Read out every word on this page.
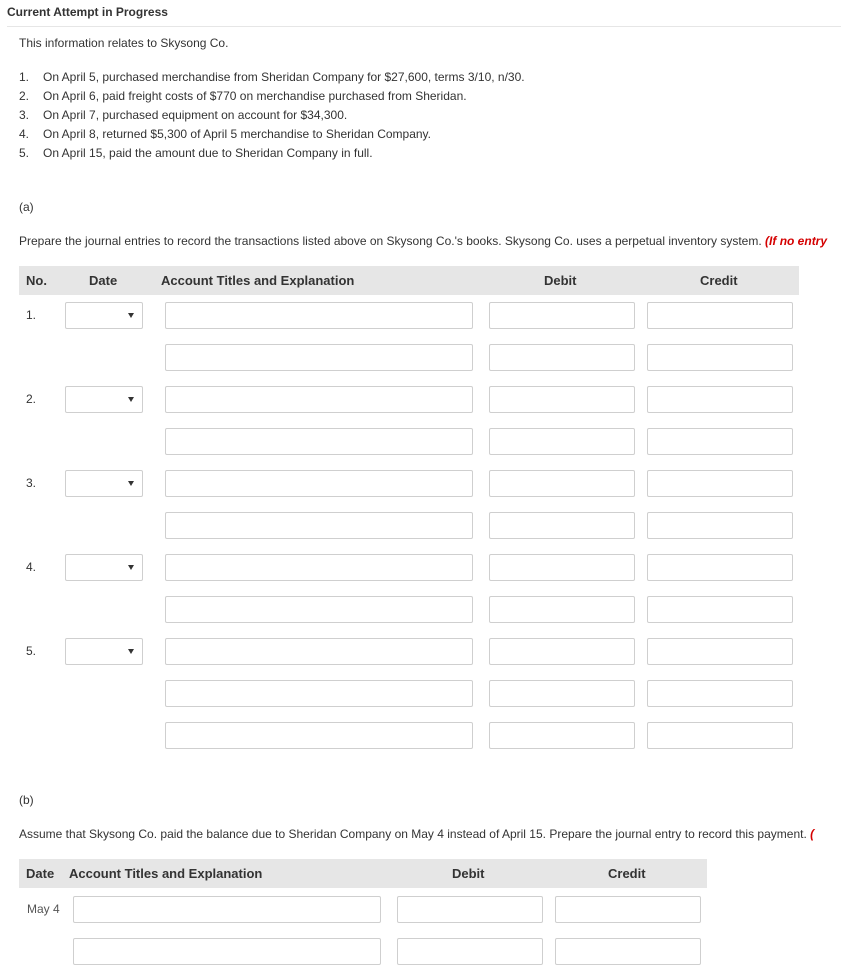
Current Attempt in Progress
This information relates to Skysong Co.
1.	On April 5, purchased merchandise from Sheridan Company for $27,600, terms 3/10, n/30.
2.	On April 6, paid freight costs of $770 on merchandise purchased from Sheridan.
3.	On April 7, purchased equipment on account for $34,300.
4.	On April 8, returned $5,300 of April 5 merchandise to Sheridan Company.
5.	On April 15, paid the amount due to Sheridan Company in full.
(a)
Prepare the journal entries to record the transactions listed above on Skysong Co.'s books. Skysong Co. uses a perpetual inventory system. (If no entry
No.	Date	Account Titles and Explanation	Debit	Credit
1.
2.
3.
4.
5.
(b)
Assume that Skysong Co. paid the balance due to Sheridan Company on May 4 instead of April 15. Prepare the journal entry to record this payment. (
Date Account Titles and Explanation	Debit	Credit
May 4
